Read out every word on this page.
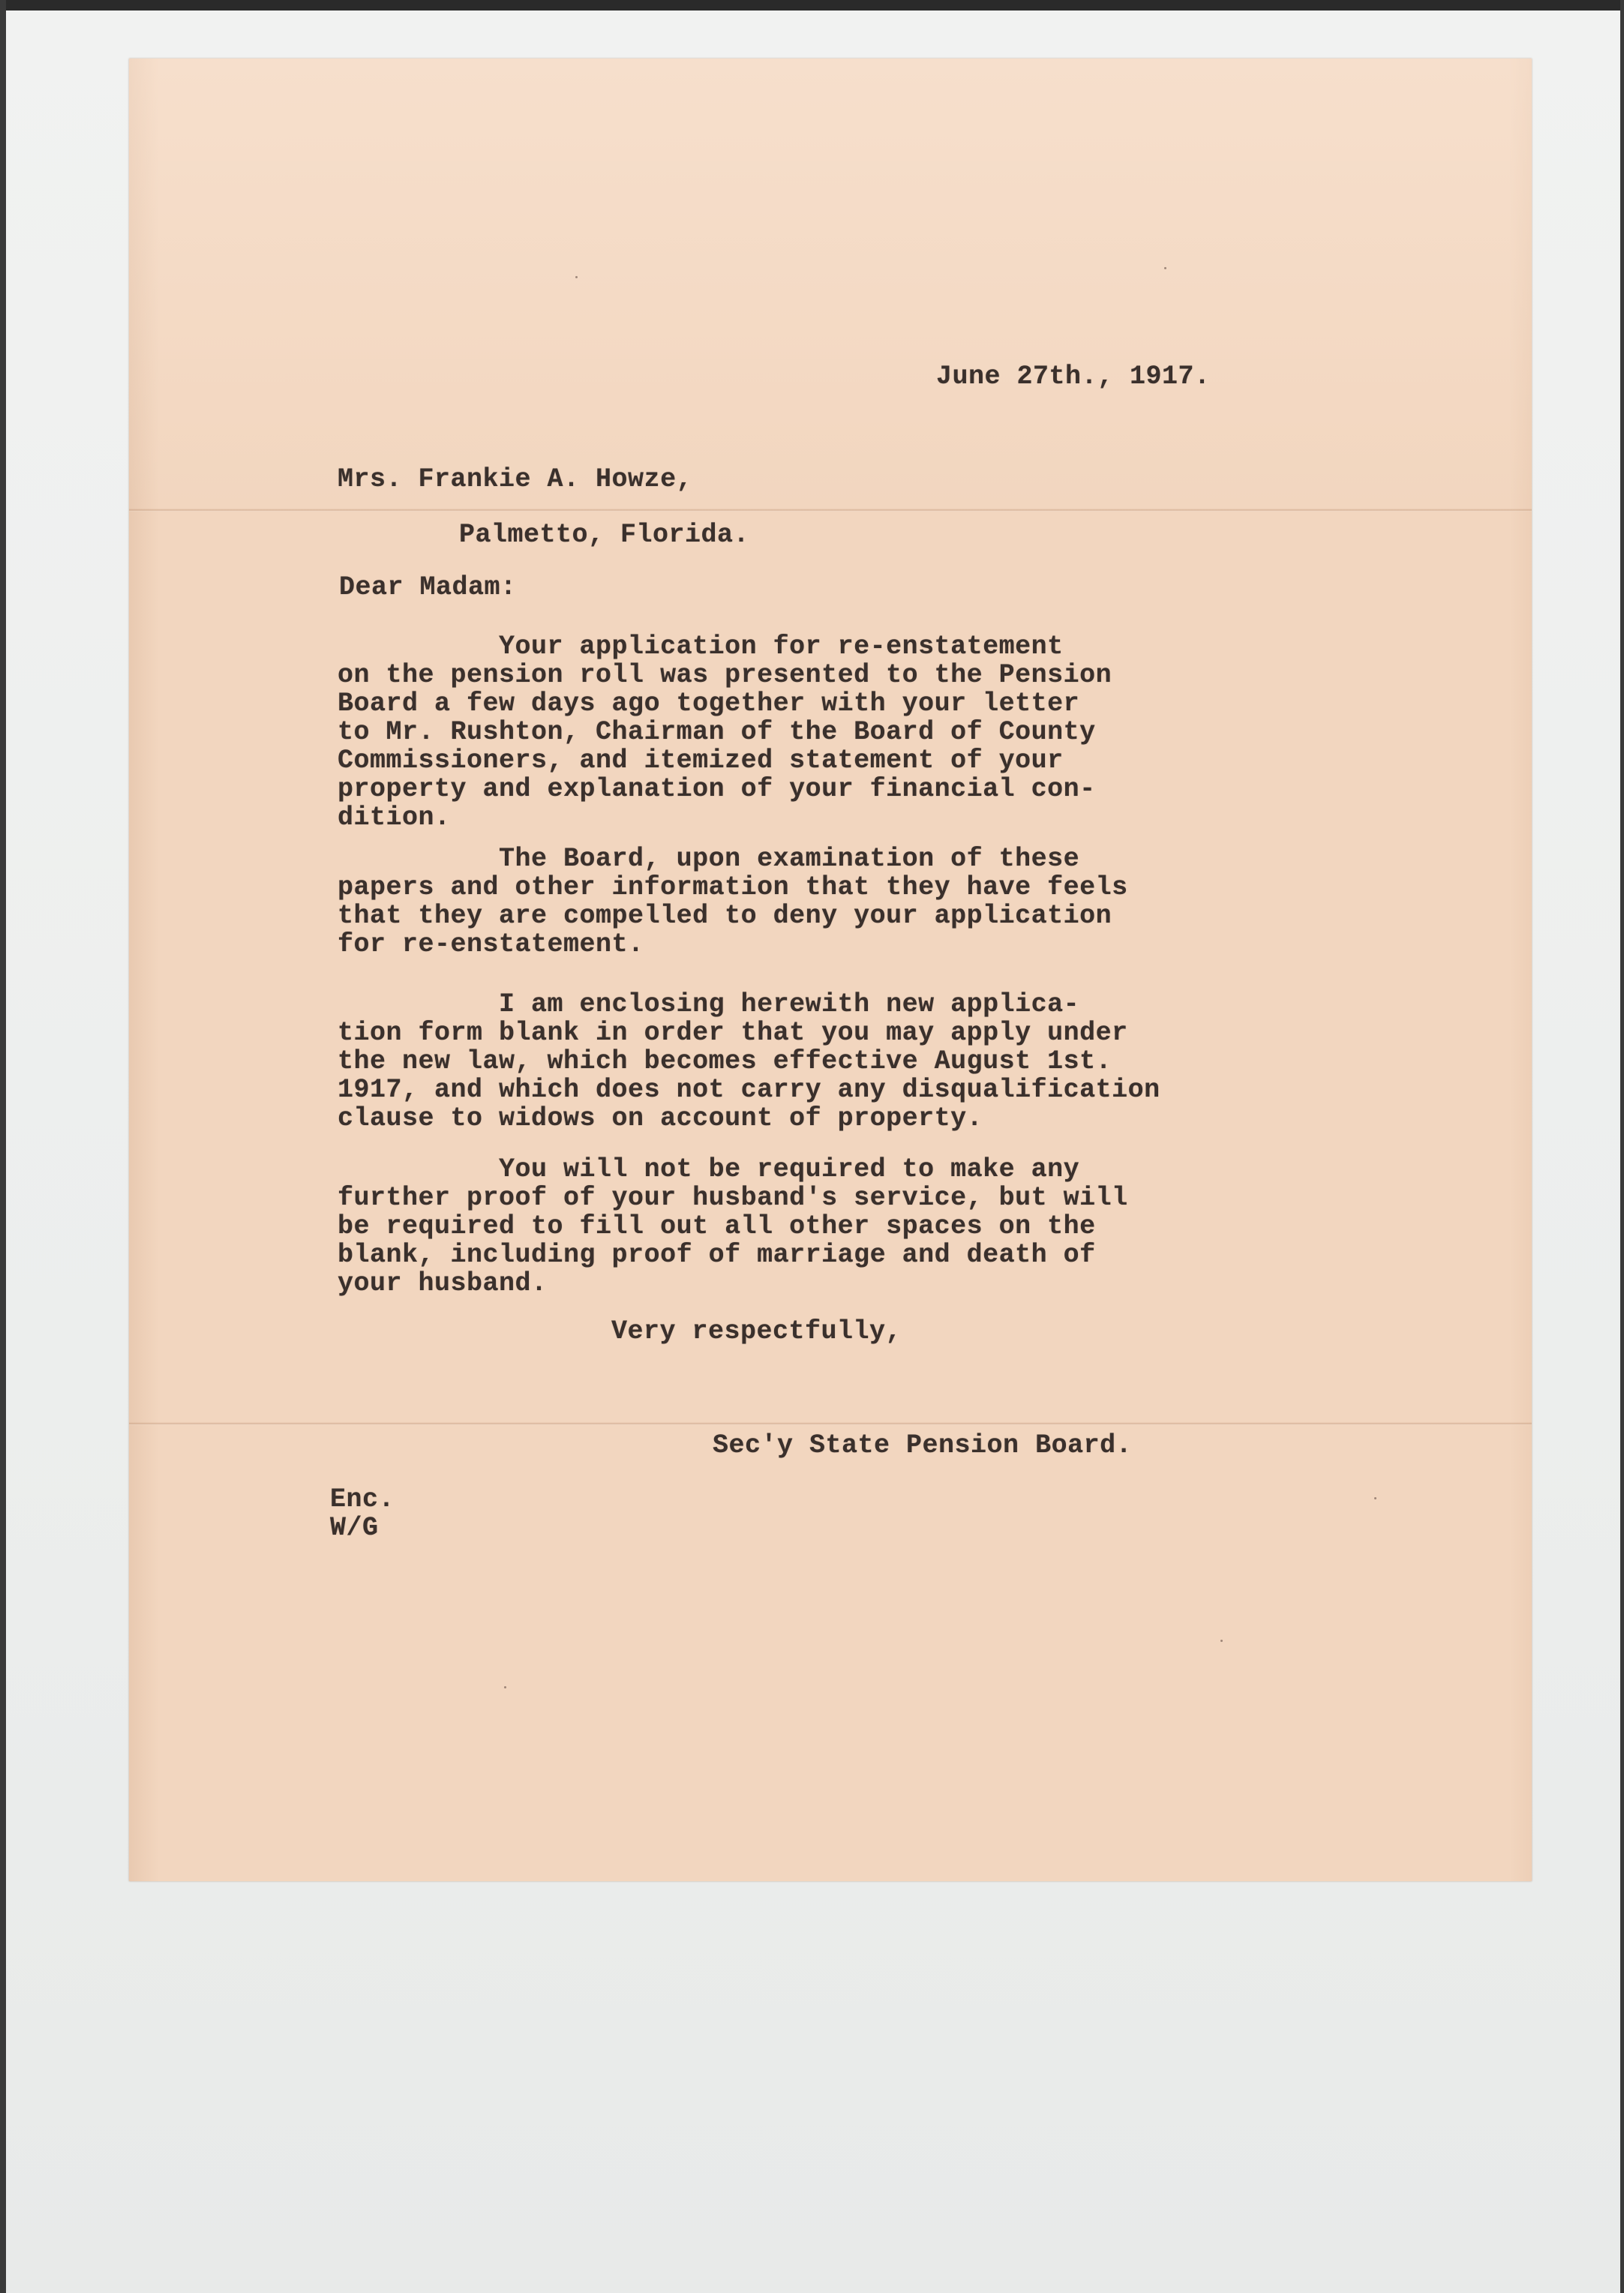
June 27th., 1917.

Mrs. Frankie A. Howze,

Palmetto, Florida.

Dear Madam:

Your application for re-enstatement
on the pension roll was presented to the Pension
Board a few days ago together with your letter
to Mr. Rushton, Chairman of the Board of County
Commissioners, and itemized statement of your
property and explanation of your financial con-
dition.

The Board, upon examination of these
papers and other information that they have feels
that they are compelled to deny your application
for re-enstatement.

I am enclosing herewith new applica-
tion form blank in order that you may apply under
the new law, which becomes effective August 1st.
1917, and which does not carry any disqualification
clause to widows on account of property.

You will not be required to make any
further proof of your husband's service, but will
be required to fill out all other spaces on the
blank, including proof of marriage and death of
your husband.

Very respectfully,

Sec'y State Pension Board.

Enc.

W/G
